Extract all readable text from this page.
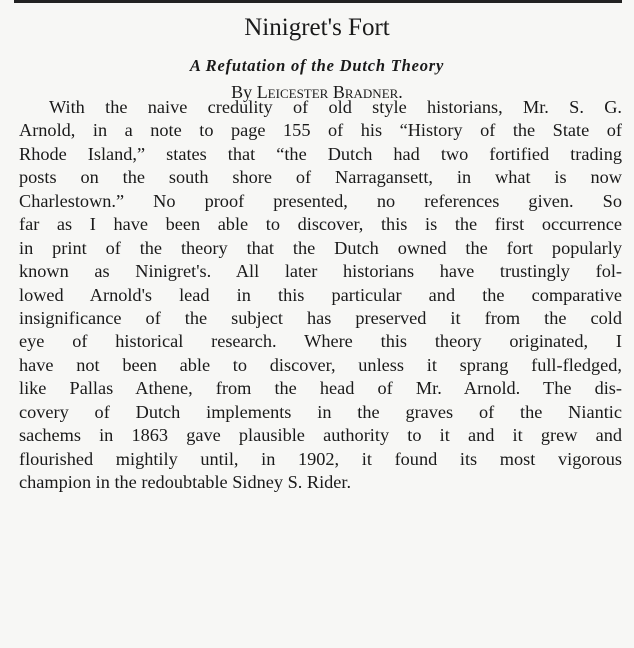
Ninigret's Fort
A Refutation of the Dutch Theory
By Leicester Bradner.
With the naive credulity of old style historians, Mr. S. G.
Arnold, in a note to page 155 of his “History of the State of
Rhode Island,” states that “the Dutch had two fortified trading
posts on the south shore of Narragansett, in what is now
Charlestown.” No proof presented, no references given. So
far as I have been able to discover, this is the first occurrence
in print of the theory that the Dutch owned the fort popularly
known as Ninigret's. All later historians have trustingly fol-
lowed Arnold's lead in this particular and the comparative
insignificance of the subject has preserved it from the cold
eye of historical research. Where this theory originated, I
have not been able to discover, unless it sprang full-fledged,
like Pallas Athene, from the head of Mr. Arnold. The dis-
covery of Dutch implements in the graves of the Niantic
sachems in 1863 gave plausible authority to it and it grew and
flourished mightily until, in 1902, it found its most vigorous
champion in the redoubtable Sidney S. Rider.
